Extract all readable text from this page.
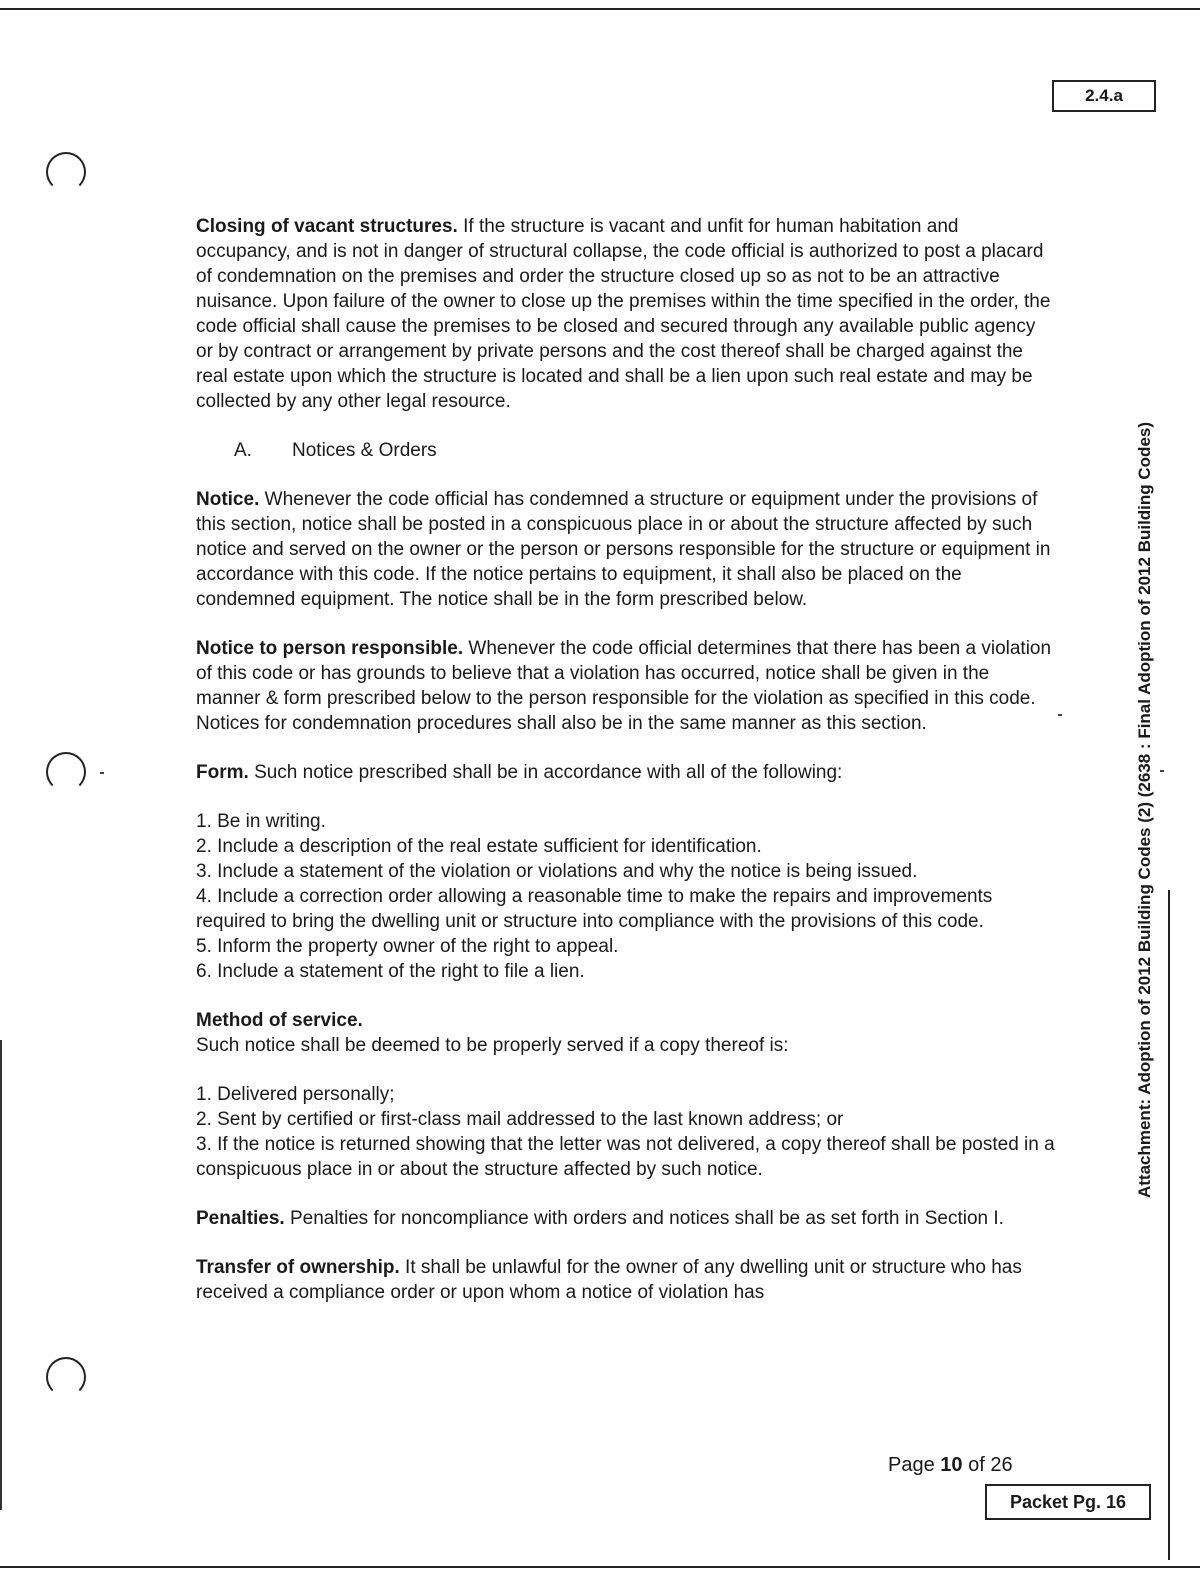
2.4.a
Attachment: Adoption of 2012 Building Codes (2) (2638 : Final Adoption of 2012 Building Codes)

Closing of vacant structures. If the structure is vacant and unfit for human habitation and occupancy, and is not in danger of structural collapse, the code official is authorized to post a placard of condemnation on the premises and order the structure closed up so as not to be an attractive nuisance. Upon failure of the owner to close up the premises within the time specified in the order, the code official shall cause the premises to be closed and secured through any available public agency or by contract or arrangement by private persons and the cost thereof shall be charged against the real estate upon which the structure is located and shall be a lien upon such real estate and may be collected by any other legal resource.

A. Notices & Orders

Notice. Whenever the code official has condemned a structure or equipment under the provisions of this section, notice shall be posted in a conspicuous place in or about the structure affected by such notice and served on the owner or the person or persons responsible for the structure or equipment in accordance with this code. If the notice pertains to equipment, it shall also be placed on the condemned equipment. The notice shall be in the form prescribed below.

Notice to person responsible. Whenever the code official determines that there has been a violation of this code or has grounds to believe that a violation has occurred, notice shall be given in the manner & form prescribed below to the person responsible for the violation as specified in this code. Notices for condemnation procedures shall also be in the same manner as this section.

Form. Such notice prescribed shall be in accordance with all of the following:

1. Be in writing.

2. Include a description of the real estate sufficient for identification.

3. Include a statement of the violation or violations and why the notice is being issued.

4. Include a correction order allowing a reasonable time to make the repairs and improvements required to bring the dwelling unit or structure into compliance with the provisions of this code.

5. Inform the property owner of the right to appeal.

6. Include a statement of the right to file a lien.

Method of service.
Such notice shall be deemed to be properly served if a copy thereof is:

1. Delivered personally;

2. Sent by certified or first-class mail addressed to the last known address; or

3. If the notice is returned showing that the letter was not delivered, a copy thereof shall be posted in a conspicuous place in or about the structure affected by such notice.

Penalties. Penalties for noncompliance with orders and notices shall be as set forth in Section I.

Transfer of ownership. It shall be unlawful for the owner of any dwelling unit or structure who has received a compliance order or upon whom a notice of violation has

Page 10 of 26
Packet Pg. 16
